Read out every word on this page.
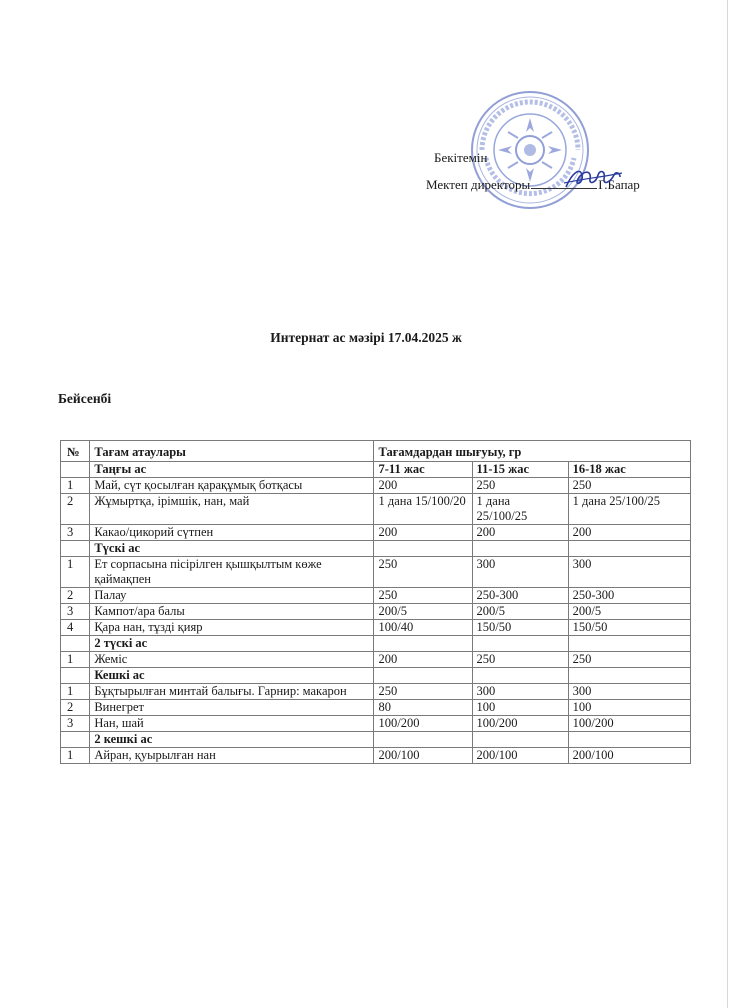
Бекітемін
Мектеп директоры	Г.Бапар
Интернат ас мәзірі 17.04.2025 ж
Бейсенбі
№	Тағам атаулары	Тағамдардан шығуыу, гр		
	Таңғы ас	7-11 жас	11-15 жас	16-18 жас
1	Май, сүт қосылған қарақұмық ботқасы	200	250	250
2	Жұмыртқа, ірімшік, нан, май	1 дана 15/100/20	1 дана 25/100/25	1 дана 25/100/25
3	Какао/цикорий сүтпен	200	200	200
	Түскі ас			
1	Ет сорпасына пісірілген қышқылтым көже қаймақпен	250	300	300
2	Палау	250	250-300	250-300
3	Кампот/ара балы	200/5	200/5	200/5
4	Қара нан, тұзді қияр	100/40	150/50	150/50
	2 түскі ас			
1	Жеміс	200	250	250
	Кешкі ас			
1	Бұқтырылған минтай балығы. Гарнир: макарон	250	300	300
2	Винегрет	80	100	100
3	Нан, шай	100/200	100/200	100/200
	2 кешкі ас			
1	Айран, қуырылған нан	200/100	200/100	200/100
